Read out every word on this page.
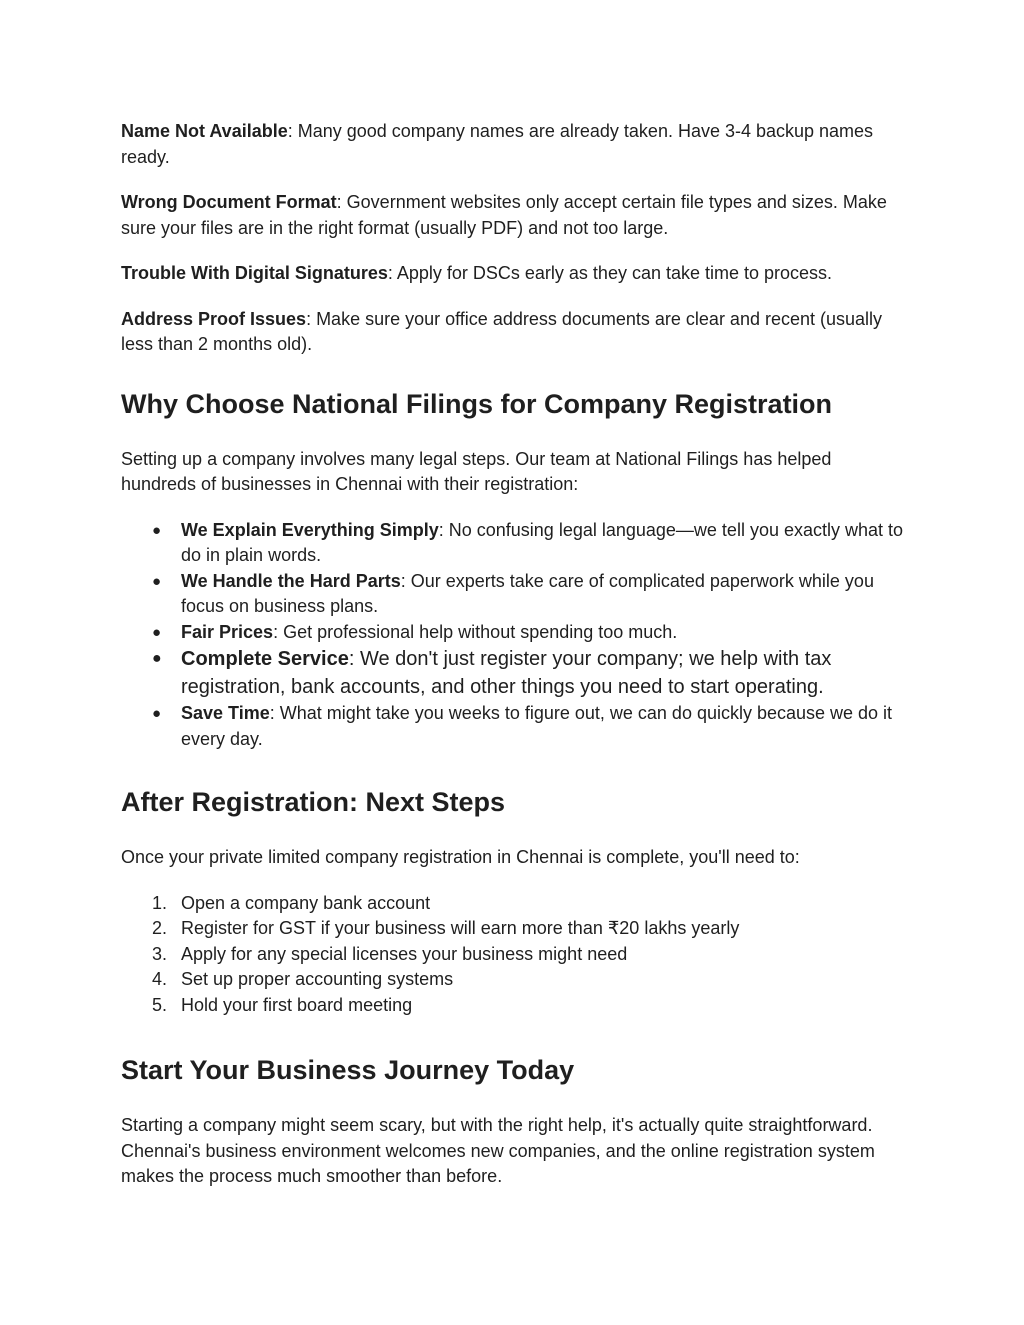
Name Not Available: Many good company names are already taken. Have 3-4 backup names ready.

Wrong Document Format: Government websites only accept certain file types and sizes. Make sure your files are in the right format (usually PDF) and not too large.

Trouble With Digital Signatures: Apply for DSCs early as they can take time to process.

Address Proof Issues: Make sure your office address documents are clear and recent (usually less than 2 months old).

Why Choose National Filings for Company Registration

Setting up a company involves many legal steps. Our team at National Filings has helped hundreds of businesses in Chennai with their registration:

● We Explain Everything Simply: No confusing legal language—we tell you exactly what to do in plain words.
● We Handle the Hard Parts: Our experts take care of complicated paperwork while you focus on business plans.
● Fair Prices: Get professional help without spending too much.
● Complete Service: We don't just register your company; we help with tax registration, bank accounts, and other things you need to start operating.
● Save Time: What might take you weeks to figure out, we can do quickly because we do it every day.
After Registration: Next Steps

Once your private limited company registration in Chennai is complete, you'll need to:

1. Open a company bank account
2. Register for GST if your business will earn more than ₹20 lakhs yearly
3. Apply for any special licenses your business might need
4. Set up proper accounting systems
5. Hold your first board meeting
Start Your Business Journey Today

Starting a company might seem scary, but with the right help, it's actually quite straightforward. Chennai's business environment welcomes new companies, and the online registration system makes the process much smoother than before.
